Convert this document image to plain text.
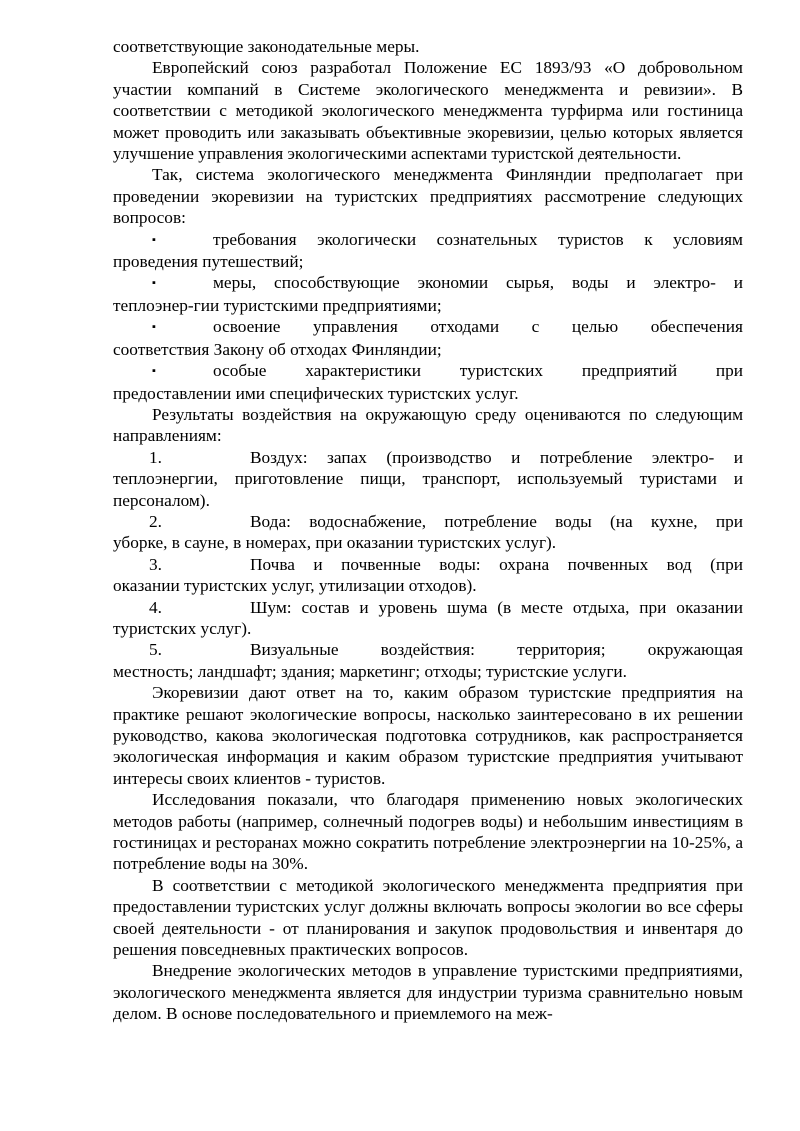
соответствующие законодательные меры.

Европейский союз разработал Положение ЕС 1893/93 «О добровольном участии компаний в Системе экологического менеджмента и ревизии». В соответствии с методикой экологического менеджмента турфирма или гостиница может проводить или заказывать объективные экоревизии, целью которых является улучшение управления экологическими аспектами туристской деятельности.

Так, система экологического менеджмента Финляндии предполагает при проведении экоревизии на туристских предприятиях рассмотрение следующих вопросов:

▪	требования экологически сознательных туристов к условиям
проведения путешествий;
▪	меры, способствующие экономии сырья, воды и электро- и
теплоэнер-гии туристскими предприятиями;
▪	освоение управления отходами с целью обеспечения
соответствия Закону об отходах Финляндии;
▪	особые характеристики туристских предприятий при
предоставлении ими специфических туристских услуг.

Результаты воздействия на окружающую среду оцениваются по следующим направлениям:

1.	Воздух: запах (производство и потребление электро- и
теплоэнергии, приготовление пищи, транспорт, используемый туристами и персоналом).
2.	Вода: водоснабжение, потребление воды (на кухне, при
уборке, в сауне, в номерах, при оказании туристских услуг).
3.	Почва и почвенные воды: охрана почвенных вод (при
оказании туристских услуг, утилизации отходов).
4.	Шум: состав и уровень шума (в месте отдыха, при оказании
туристских услуг).
5.	Визуальные воздействия: территория; окружающая
местность; ландшафт; здания; маркетинг; отходы; туристские услуги.

Экоревизии дают ответ на то, каким образом туристские предприятия на практике решают экологические вопросы, насколько заинтересовано в их решении руководство, какова экологическая подготовка сотрудников, как распространяется экологическая информация и каким образом туристские предприятия учитывают интересы своих клиентов - туристов.

Исследования показали, что благодаря применению новых экологических методов работы (например, солнечный подогрев воды) и небольшим инвестициям в гостиницах и ресторанах можно сократить потребление электроэнергии на 10-25%, а потребление воды на 30%.

В соответствии с методикой экологического менеджмента предприятия при предоставлении туристских услуг должны включать вопросы экологии во все сферы своей деятельности - от планирования и закупок продовольствия и инвентаря до решения повседневных практических вопросов.

Внедрение экологических методов в управление туристскими предприятиями, экологического менеджмента является для индустрии туризма сравнительно новым делом. В основе последовательного и приемлемого на меж-
